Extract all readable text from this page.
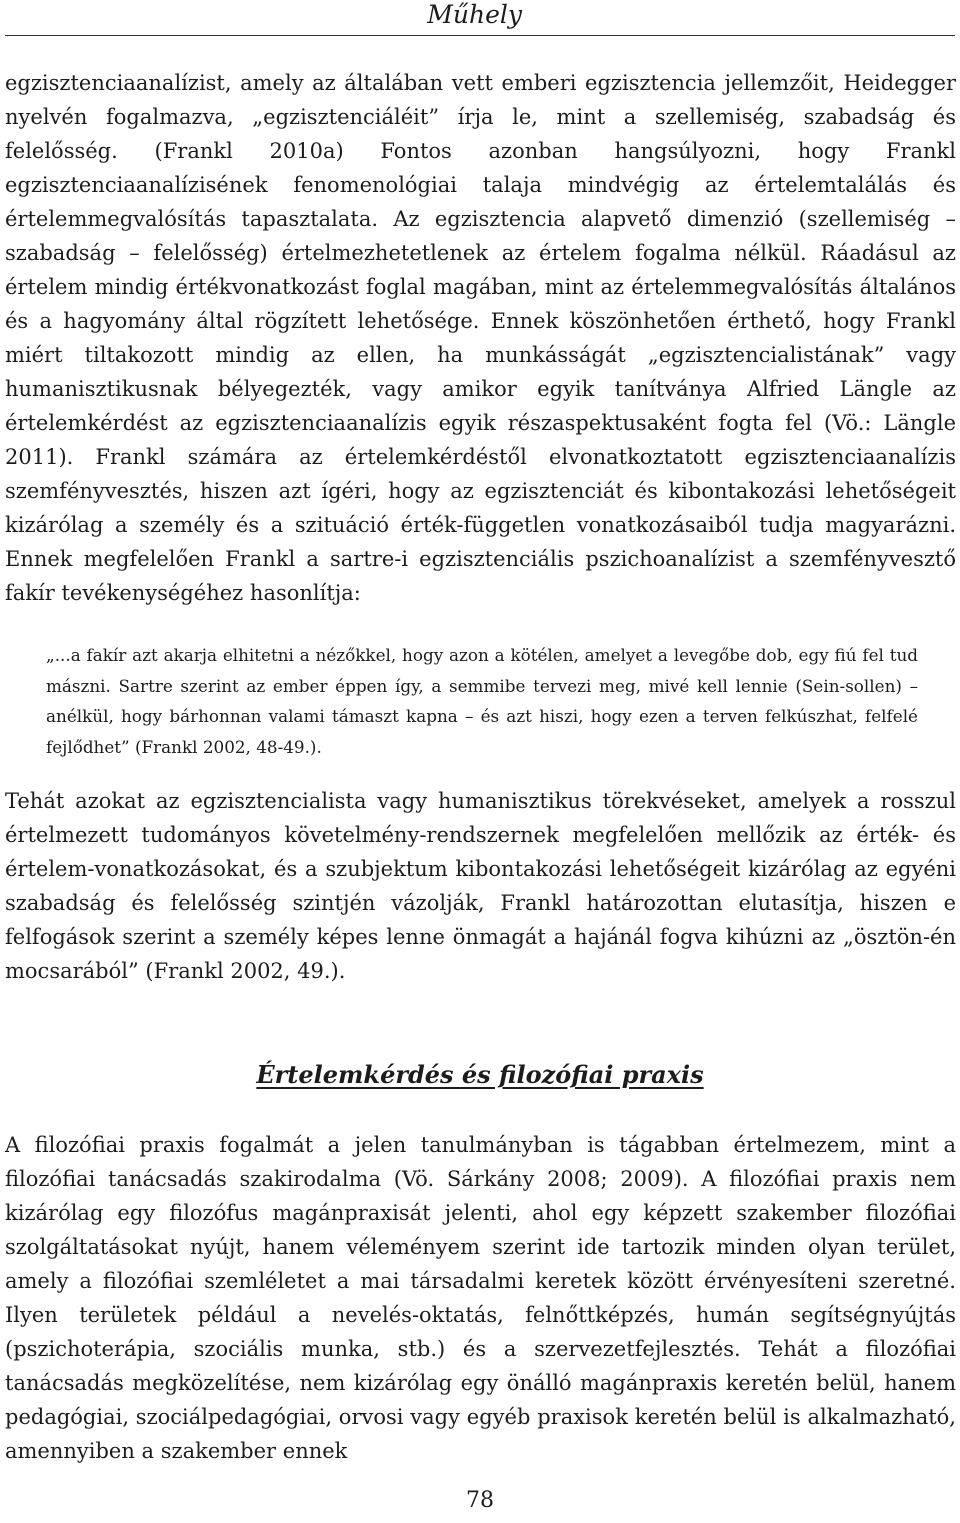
Műhely

egzisztenciaanalízist, amely az általában vett emberi egzisztencia jellemzőit, Heidegger nyelvén fogalmazva, „egzisztenciáléit” írja le, mint a szellemiség, szabadság és felelősség. (Frankl 2010a) Fontos azonban hangsúlyozni, hogy Frankl egzisztenciaanalízisének fenomenológiai talaja mindvégig az értelemtalálás és értelemmegvalósítás tapasztalata. Az egzisztencia alapvető dimenzió (szellemiség – szabadság – felelősség) értelmezhetetlenek az értelem fogalma nélkül. Ráadásul az értelem mindig értékvonatkozást foglal magában, mint az értelemmegvalósítás általános és a hagyomány által rögzített lehetősége. Ennek köszönhetően érthető, hogy Frankl miért tiltakozott mindig az ellen, ha munkásságát „egzisztencialistának” vagy humanisztikusnak bélyegezték, vagy amikor egyik tanítványa Alfried Längle az értelemkérdést az egzisztenciaanalízis egyik részaspektusaként fogta fel (Vö.: Längle 2011). Frankl számára az értelemkérdéstől elvonatkoztatott egzisztenciaanalízis szemfényvesztés, hiszen azt ígéri, hogy az egzisztenciát és kibontakozási lehetőségeit kizárólag a személy és a szituáció érték-független vonatkozásaiból tudja magyarázni. Ennek megfelelően Frankl a sartre-i egzisztenciális pszichoanalízist a szemfényvesztő fakír tevékenységéhez hasonlítja:

„...a fakír azt akarja elhitetni a nézőkkel, hogy azon a kötélen, amelyet a levegőbe dob, egy fiú fel tud mászni. Sartre szerint az ember éppen így, a semmibe tervezi meg, mivé kell lennie (Sein-sollen) – anélkül, hogy bárhonnan valami támaszt kapna – és azt hiszi, hogy ezen a terven felkúszhat, felfelé fejlődhet” (Frankl 2002, 48-49.).

Tehát azokat az egzisztencialista vagy humanisztikus törekvéseket, amelyek a rosszul értelmezett tudományos követelmény-rendszernek megfelelően mellőzik az érték- és értelem-vonatkozásokat, és a szubjektum kibontakozási lehetőségeit kizárólag az egyéni szabadság és felelősség szintjén vázolják, Frankl határozottan elutasítja, hiszen e felfogások szerint a személy képes lenne önmagát a hajánál fogva kihúzni az „ösztön-én mocsarából” (Frankl 2002, 49.).

Értelemkérdés és filozófiai praxis

A filozófiai praxis fogalmát a jelen tanulmányban is tágabban értelmezem, mint a filozófiai tanácsadás szakirodalma (Vö. Sárkány 2008; 2009). A filozófiai praxis nem kizárólag egy filozófus magánpraxisát jelenti, ahol egy képzett szakember filozófiai szolgáltatásokat nyújt, hanem véleményem szerint ide tartozik minden olyan terület, amely a filozófiai szemléletet a mai társadalmi keretek között érvényesíteni szeretné. Ilyen területek például a nevelés-oktatás, felnőttképzés, humán segítségnyújtás (pszichoterápia, szociális munka, stb.) és a szervezetfejlesztés. Tehát a filozófiai tanácsadás megközelítése, nem kizárólag egy önálló magánpraxis keretén belül, hanem pedagógiai, szociálpedagógiai, orvosi vagy egyéb praxisok keretén belül is alkalmazható, amennyiben a szakember ennek

78
